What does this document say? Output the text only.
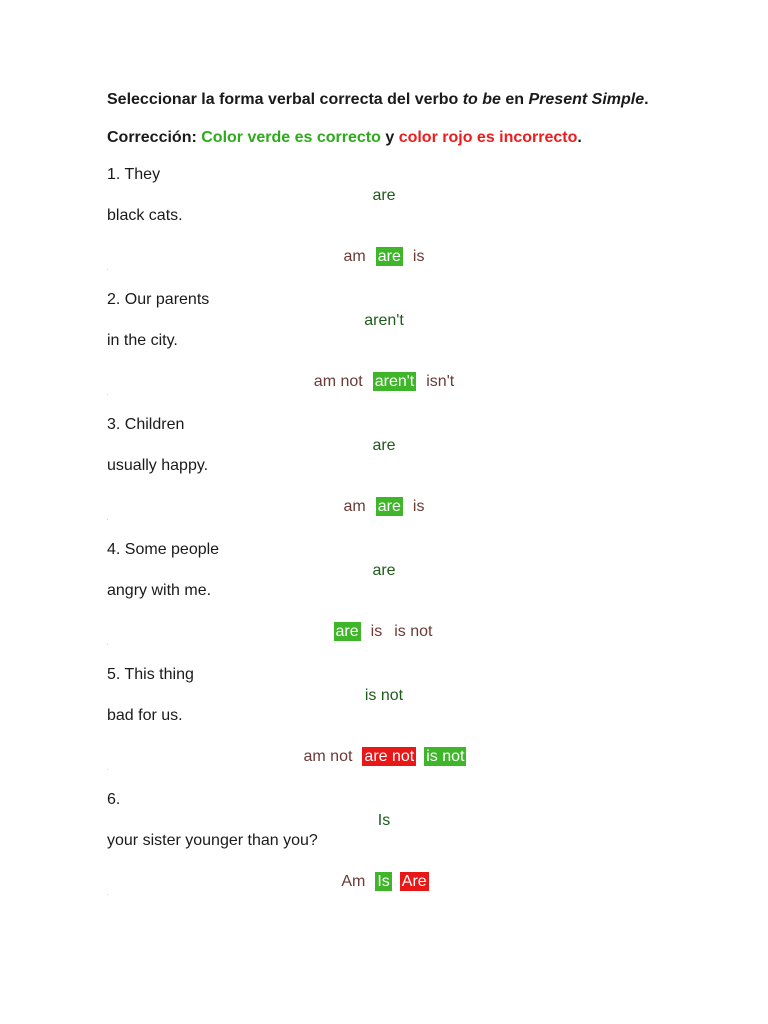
Seleccionar la forma verbal correcta del verbo to be en Present Simple.

Corrección: Color verde es correcto y color rojo es incorrecto.
1. They
are
black cats.
am are is
2. Our parents
aren't
in the city.
am not aren't isn't
3. Children
are
usually happy.
am are is
4. Some people
are
angry with me.
are is is not
5. This thing
is not
bad for us.
am not are not is not
6.
Is
your sister younger than you?
Am Is Are
